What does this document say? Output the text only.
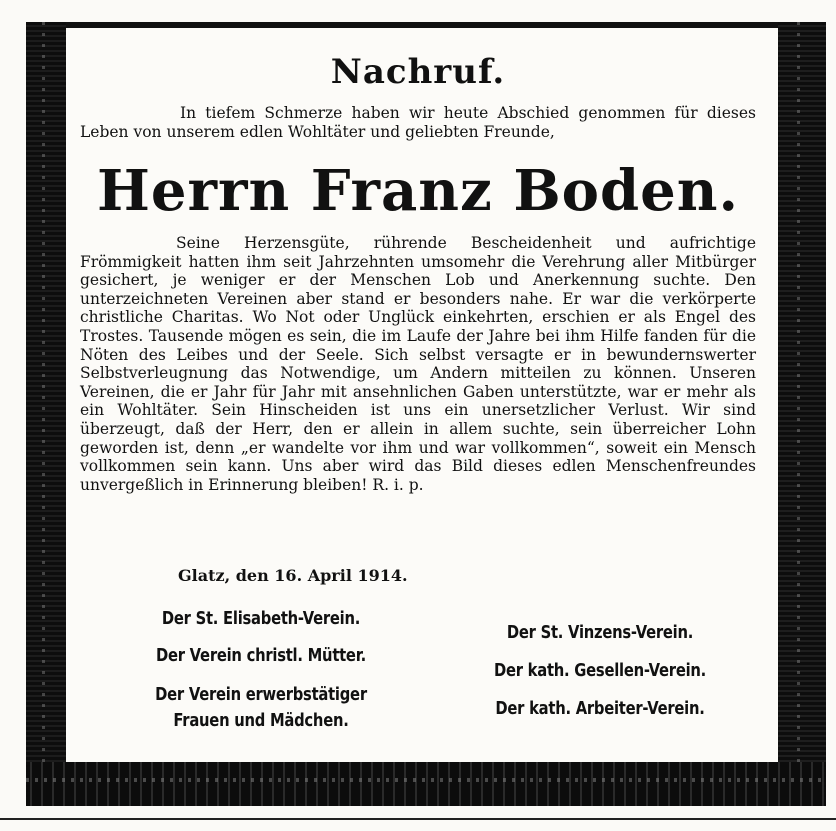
Nachruf.
In tiefem Schmerze haben wir heute Abschied genommen für dieses Leben von unserem edlen Wohltäter und geliebten Freunde,
Herrn Franz Boden.
Seine Herzensgüte, rührende Bescheidenheit und aufrichtige Frömmigkeit hatten ihm seit Jahrzehnten umsomehr die Verehrung aller Mitbürger gesichert, je weniger er der Menschen Lob und Anerkennung suchte. Den unterzeichneten Vereinen aber stand er besonders nahe. Er war die verkörperte christliche Charitas. Wo Not oder Unglück einkehrten, erschien er als Engel des Trostes. Tausende mögen es sein, die im Laufe der Jahre bei ihm Hilfe fanden für die Nöten des Leibes und der Seele. Sich selbst versagte er in bewundernswerter Selbstverleugnung das Notwendige, um Andern mitteilen zu können. Unseren Vereinen, die er Jahr für Jahr mit ansehnlichen Gaben unterstützte, war er mehr als ein Wohltäter. Sein Hinscheiden ist uns ein unersetzlicher Verlust. Wir sind überzeugt, daß der Herr, den er allein in allem suchte, sein überreicher Lohn geworden ist, denn „er wandelte vor ihm und war vollkommen“, soweit ein Mensch vollkommen sein kann. Uns aber wird das Bild dieses edlen Menschenfreundes unvergeßlich in Erinnerung bleiben! R. i. p.
Glatz, den 16. April 1914.
Der St. Elisabeth-Verein.
Der Verein christl. Mütter.
Der Verein erwerbstätiger Frauen und Mädchen.
Der St. Vinzens-Verein.
Der kath. Gesellen-Verein.
Der kath. Arbeiter-Verein.
